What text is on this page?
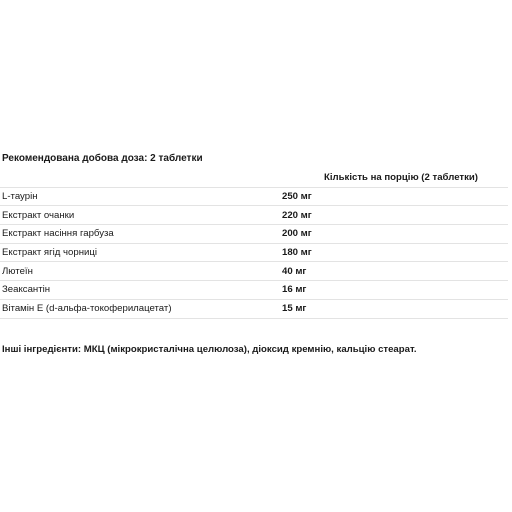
Рекомендована добова доза: 2 таблетки
	Кількість на порцію (2 таблетки)
L-таурін	250 мг
Екстракт очанки	220 мг
Екстракт насіння гарбуза	200 мг
Екстракт ягід чорниці	180 мг
Лютеїн	40 мг
Зеаксантін	16 мг
Вітамін Е (d-альфа-токоферилацетат)	15 мг
Інші інгредієнти: МКЦ (мікрокристалічна целюлоза), діоксид кремнію, кальцію стеарат.
